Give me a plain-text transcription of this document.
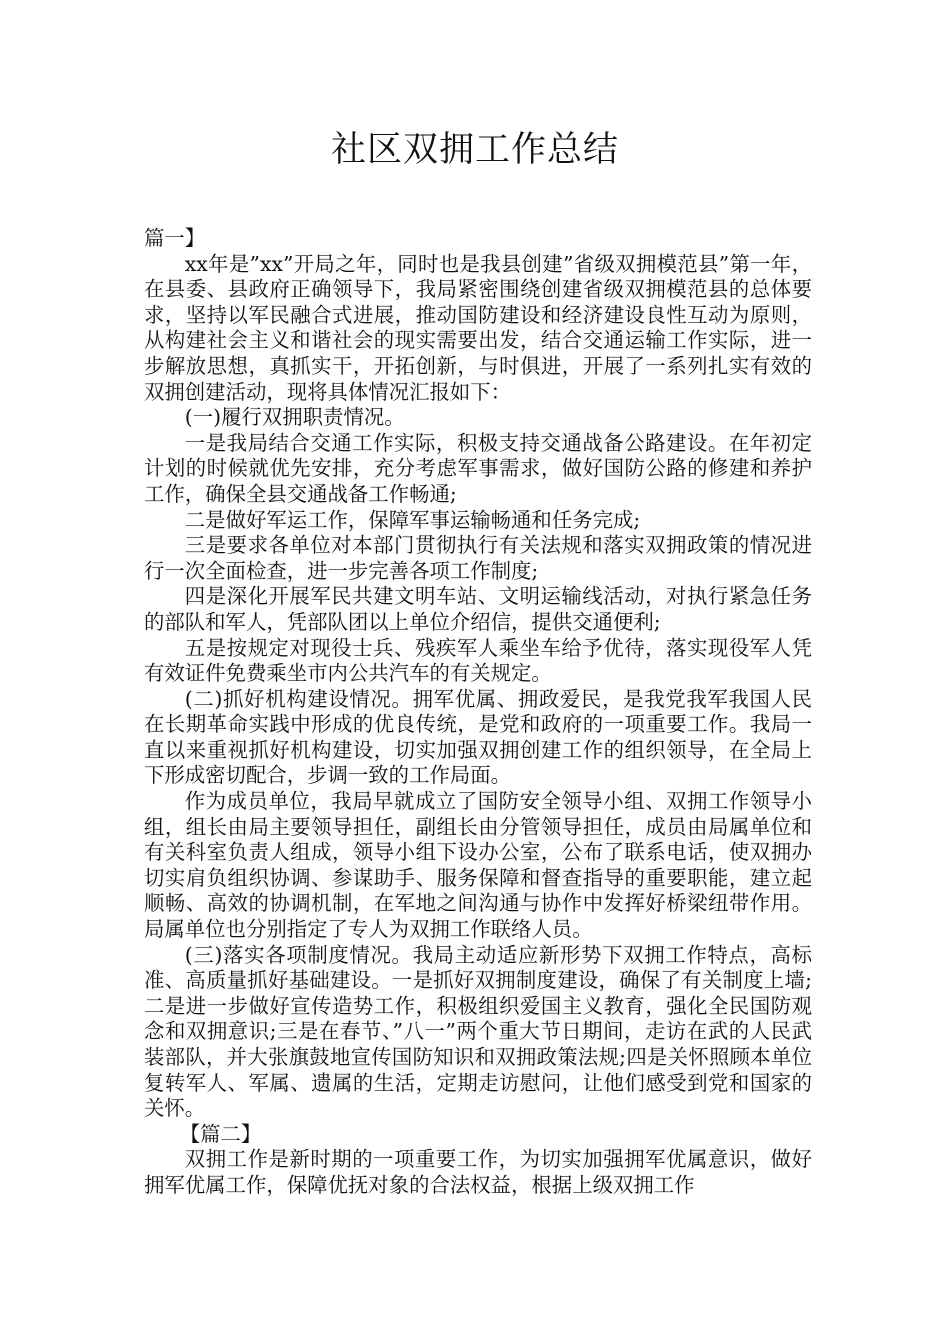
社区双拥工作总结

篇一】

xx年是”xx”开局之年，同时也是我县创建”省级双拥模范县”第一年，在县委、县政府正确领导下，我局紧密围绕创建省级双拥模范县的总体要求，坚持以军民融合式进展，推动国防建设和经济建设良性互动为原则，从构建社会主义和谐社会的现实需要出发，结合交通运输工作实际，进一步解放思想，真抓实干，开拓创新，与时俱进，开展了一系列扎实有效的双拥创建活动，现将具体情况汇报如下：

(一)履行双拥职责情况。

一是我局结合交通工作实际，积极支持交通战备公路建设。在年初定计划的时候就优先安排，充分考虑军事需求，做好国防公路的修建和养护工作，确保全县交通战备工作畅通;

二是做好军运工作，保障军事运输畅通和任务完成;

三是要求各单位对本部门贯彻执行有关法规和落实双拥政策的情况进行一次全面检查，进一步完善各项工作制度;

四是深化开展军民共建文明车站、文明运输线活动，对执行紧急任务的部队和军人，凭部队团以上单位介绍信，提供交通便利;

五是按规定对现役士兵、残疾军人乘坐车给予优待，落实现役军人凭有效证件免费乘坐市内公共汽车的有关规定。

(二)抓好机构建设情况。拥军优属、拥政爱民，是我党我军我国人民在长期革命实践中形成的优良传统，是党和政府的一项重要工作。我局一直以来重视抓好机构建设，切实加强双拥创建工作的组织领导，在全局上下形成密切配合，步调一致的工作局面。

作为成员单位，我局早就成立了国防安全领导小组、双拥工作领导小组，组长由局主要领导担任，副组长由分管领导担任，成员由局属单位和有关科室负责人组成，领导小组下设办公室，公布了联系电话，使双拥办切实肩负组织协调、参谋助手、服务保障和督查指导的重要职能，建立起顺畅、高效的协调机制，在军地之间沟通与协作中发挥好桥梁纽带作用。局属单位也分别指定了专人为双拥工作联络人员。

(三)落实各项制度情况。我局主动适应新形势下双拥工作特点，高标准、高质量抓好基础建设。一是抓好双拥制度建设，确保了有关制度上墙;二是进一步做好宣传造势工作，积极组织爱国主义教育，强化全民国防观念和双拥意识;三是在春节、”八一”两个重大节日期间，走访在武的人民武装部队，并大张旗鼓地宣传国防知识和双拥政策法规;四是关怀照顾本单位复转军人、军属、遗属的生活，定期走访慰问，让他们感受到党和国家的关怀。

【篇二】

双拥工作是新时期的一项重要工作，为切实加强拥军优属意识，做好拥军优属工作，保障优抚对象的合法权益，根据上级双拥工作
